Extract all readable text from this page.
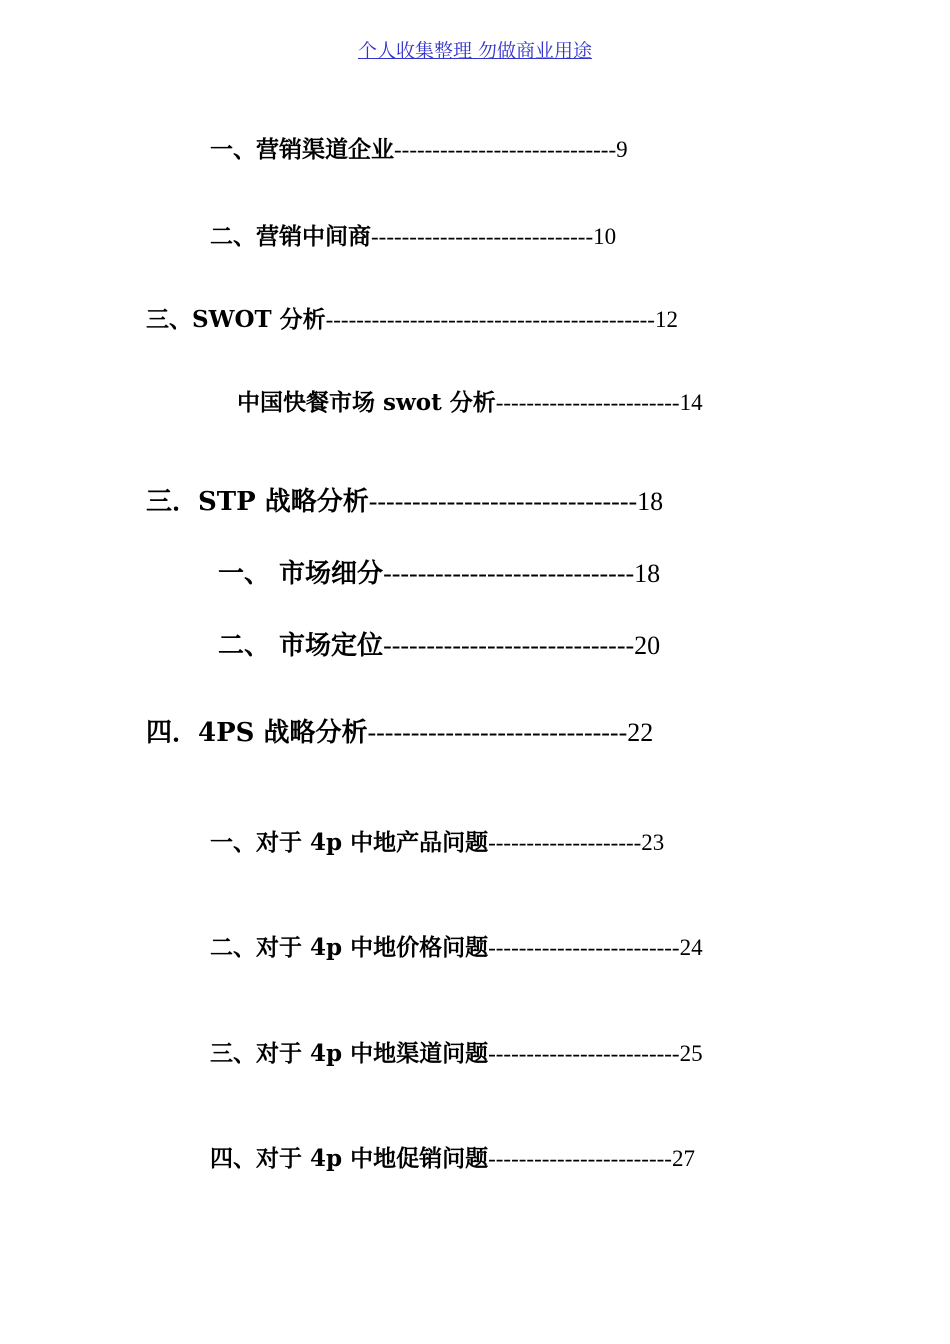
个人收集整理 勿做商业用途
一、营销渠道企业-----------------------------9
二、营销中间商-----------------------------10
三、SWOT 分析-------------------------------------------12
中国快餐市场 swot 分析------------------------14
三．STP 战略分析-------------------------------18
一、 市场细分-----------------------------18
二、 市场定位-----------------------------20
四．4PS 战略分析------------------------------22
一、对于 4p 中地产品问题--------------------23
二、对于 4p 中地价格问题-------------------------24
三、对于 4p 中地渠道问题-------------------------25
四、对于 4p 中地促销问题------------------------27
